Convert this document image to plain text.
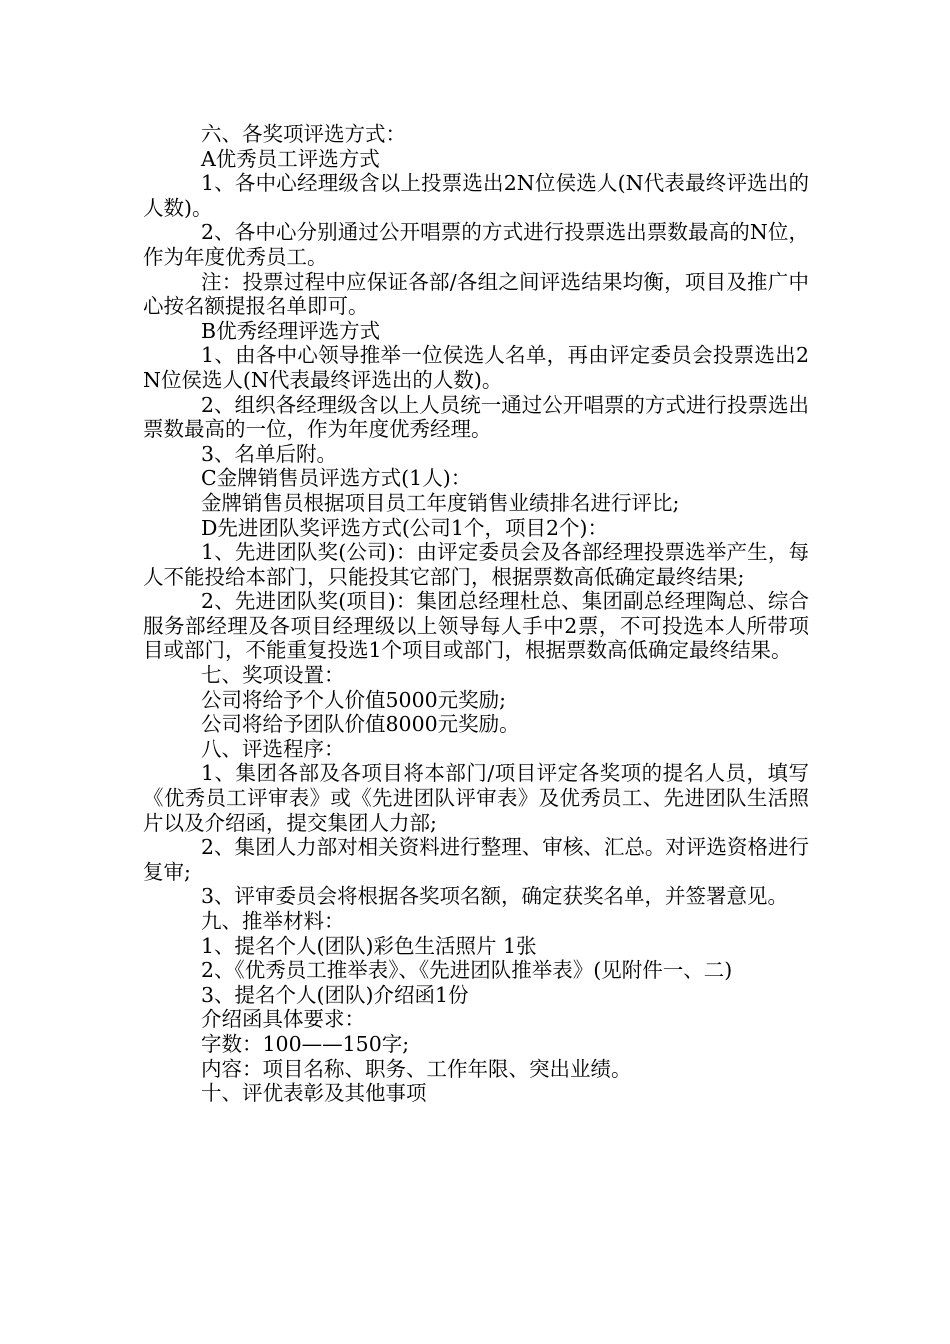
六、各奖项评选方式：

A优秀员工评选方式

1、各中心经理级含以上投票选出2N位侯选人(N代表最终评选出的人数)。

2、各中心分别通过公开唱票的方式进行投票选出票数最高的N位，作为年度优秀员工。

注：投票过程中应保证各部/各组之间评选结果均衡，项目及推广中心按名额提报名单即可。

B优秀经理评选方式

1、由各中心领导推举一位侯选人名单，再由评定委员会投票选出2N位侯选人(N代表最终评选出的人数)。

2、组织各经理级含以上人员统一通过公开唱票的方式进行投票选出票数最高的一位，作为年度优秀经理。

3、名单后附。

C金牌销售员评选方式(1人)：

金牌销售员根据项目员工年度销售业绩排名进行评比;

D先进团队奖评选方式(公司1个，项目2个)：

1、先进团队奖(公司)：由评定委员会及各部经理投票选举产生，每人不能投给本部门，只能投其它部门，根据票数高低确定最终结果;

2、先进团队奖(项目)：集团总经理杜总、集团副总经理陶总、综合服务部经理及各项目经理级以上领导每人手中2票，不可投选本人所带项目或部门，不能重复投选1个项目或部门，根据票数高低确定最终结果。

七、奖项设置：

公司将给予个人价值5000元奖励;

公司将给予团队价值8000元奖励。

八、评选程序：

1、集团各部及各项目将本部门/项目评定各奖项的提名人员，填写《优秀员工评审表》或《先进团队评审表》及优秀员工、先进团队生活照片以及介绍函，提交集团人力部;

2、集团人力部对相关资料进行整理、审核、汇总。对评选资格进行复审;

3、评审委员会将根据各奖项名额，确定获奖名单，并签署意见。

九、推举材料：

1、提名个人(团队)彩色生活照片 1张

2、《优秀员工推举表》、《先进团队推举表》(见附件一、二)

3、提名个人(团队)介绍函1份

介绍函具体要求：

字数：100——150字;

内容：项目名称、职务、工作年限、突出业绩。

十、评优表彰及其他事项
